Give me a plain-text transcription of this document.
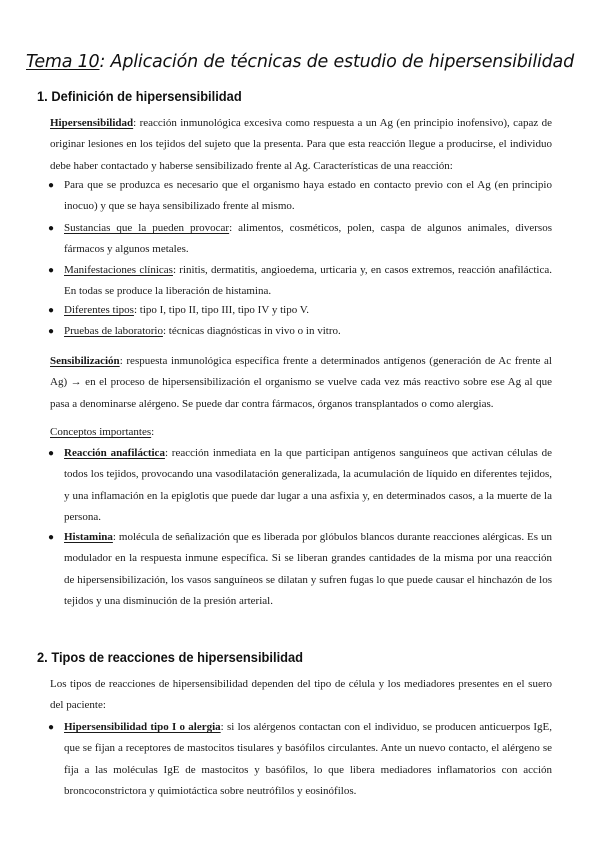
Tema 10: Aplicación de técnicas de estudio de hipersensibilidad
1. Definición de hipersensibilidad
Hipersensibilidad: reacción inmunológica excesiva como respuesta a un Ag (en principio inofensivo), capaz de originar lesiones en los tejidos del sujeto que la presenta. Para que esta reacción llegue a producirse, el individuo debe haber contactado y haberse sensibilizado frente al Ag. Características de una reacción:
● Para que se produzca es necesario que el organismo haya estado en contacto previo con el Ag (en principio inocuo) y que se haya sensibilizado frente al mismo.
● Sustancias que la pueden provocar: alimentos, cosméticos, polen, caspa de algunos animales, diversos fármacos y algunos metales.
● Manifestaciones clínicas: rinitis, dermatitis, angioedema, urticaria y, en casos extremos, reacción anafiláctica. En todas se produce la liberación de histamina.
● Diferentes tipos: tipo I, tipo II, tipo III, tipo IV y tipo V.
● Pruebas de laboratorio: técnicas diagnósticas in vivo o in vitro.
Sensibilización: respuesta inmunológica específica frente a determinados antígenos (generación de Ac frente al Ag) → en el proceso de hipersensibilización el organismo se vuelve cada vez más reactivo sobre ese Ag al que pasa a denominarse alérgeno. Se puede dar contra fármacos, órganos transplantados o como alergias.
Conceptos importantes:
● Reacción anafiláctica: reacción inmediata en la que participan antígenos sanguíneos que activan células de todos los tejidos, provocando una vasodilatación generalizada, la acumulación de líquido en diferentes tejidos, y una inflamación en la epiglotis que puede dar lugar a una asfixia y, en determinados casos, a la muerte de la persona.
● Histamina: molécula de señalización que es liberada por glóbulos blancos durante reacciones alérgicas. Es un modulador en la respuesta inmune específica. Si se liberan grandes cantidades de la misma por una reacción de hipersensibilización, los vasos sanguíneos se dilatan y sufren fugas lo que puede causar el hinchazón de los tejidos y una disminución de la presión arterial.
2. Tipos de reacciones de hipersensibilidad
Los tipos de reacciones de hipersensibilidad dependen del tipo de célula y los mediadores presentes en el suero del paciente:
● Hipersensibilidad tipo I o alergia: si los alérgenos contactan con el individuo, se producen anticuerpos IgE, que se fijan a receptores de mastocitos tisulares y basófilos circulantes. Ante un nuevo contacto, el alérgeno se fija a las moléculas IgE de mastocitos y basófilos, lo que libera mediadores inflamatorios con acción broncoconstrictora y quimiotáctica sobre neutrófilos y eosinófilos.
